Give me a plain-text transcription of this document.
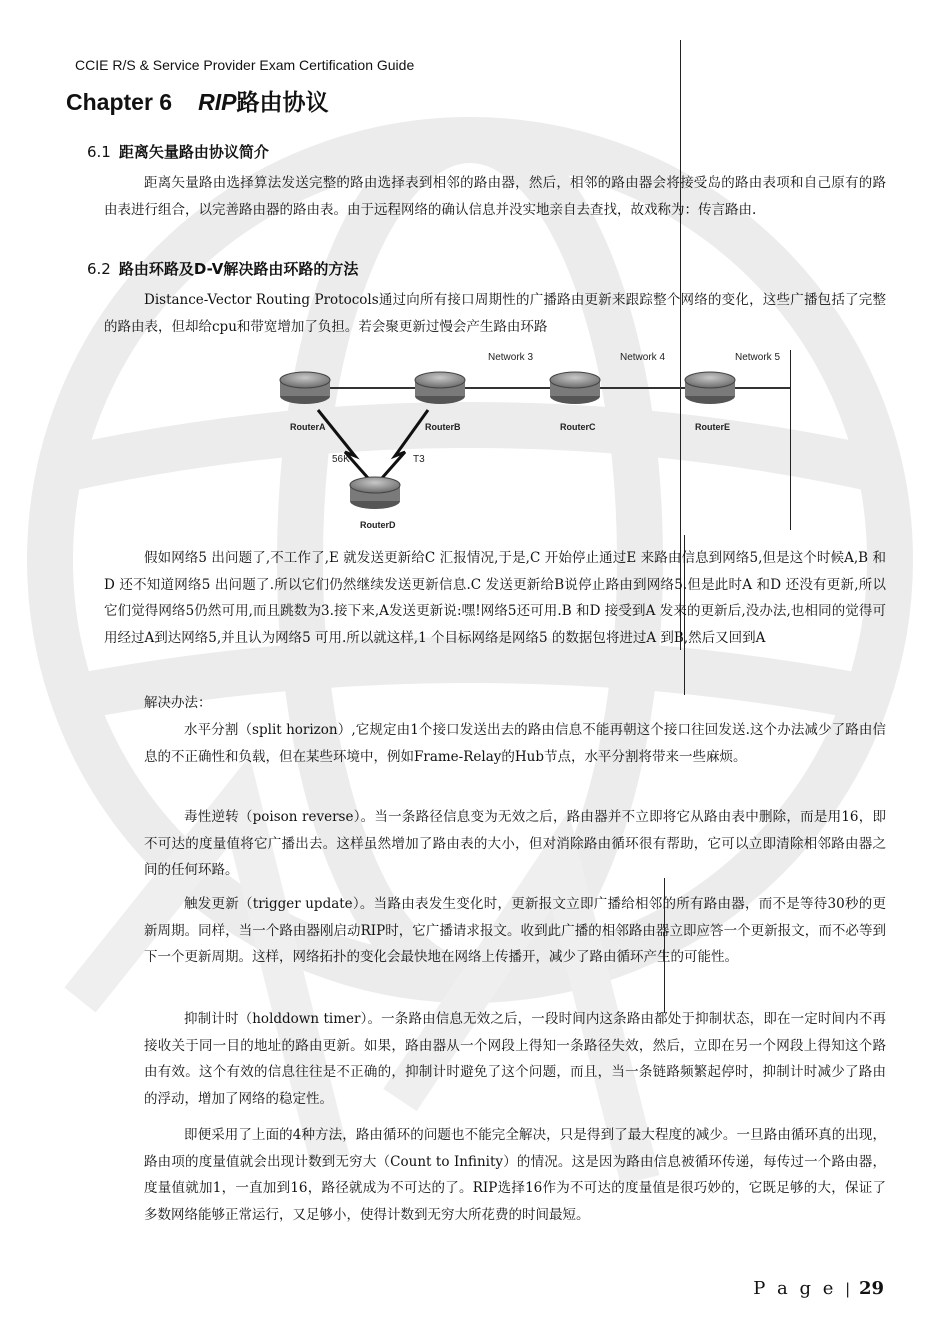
CCIE R/S & Service Provider Exam Certification Guide
Chapter 6 RIP路由协议
6.1 距离矢量路由协议简介
距离矢量路由选择算法发送完整的路由选择表到相邻的路由器，然后，相邻的路由器会将接受岛的路由表项和自己原有的路由表进行组合，以完善路由器的路由表。由于远程网络的确认信息并没实地亲自去查找，故戏称为：传言路由.
6.2 路由环路及D-V解决路由环路的方法
Distance-Vector Routing Protocols通过向所有接口周期性的广播路由更新来跟踪整个网络的变化，这些广播包括了完整的路由表，但却给cpu和带宽增加了负担。若会聚更新过慢会产生路由环路
Network 3	Network 4	Network 5
RouterA	RouterB	RouterC	RouterE
RouterD
56K	T3
假如网络5 出问题了,不工作了,E 就发送更新给C 汇报情况,于是,C 开始停止通过E 来路由信息到网络5,但是这个时候A,B 和D 还不知道网络5 出问题了.所以它们仍然继续发送更新信息.C 发送更新给B说停止路由到网络5.但是此时A 和D 还没有更新,所以它们觉得网络5仍然可用,而且跳数为3.接下来,A发送更新说:嘿!网络5还可用.B 和D 接受到A 发来的更新后,没办法,也相同的觉得可用经过A到达网络5,并且认为网络5 可用.所以就这样,1 个目标网络是网络5 的数据包将进过A 到B,然后又回到A
解决办法：
水平分割（split horizon）,它规定由1个接口发送出去的路由信息不能再朝这个接口往回发送.这个办法减少了路由信息的不正确性和负载，但在某些环境中，例如Frame-Relay的Hub节点，水平分割将带来一些麻烦。
毒性逆转（poison reverse）。当一条路径信息变为无效之后，路由器并不立即将它从路由表中删除，而是用16，即不可达的度量值将它广播出去。这样虽然增加了路由表的大小，但对消除路由循环很有帮助，它可以立即清除相邻路由器之间的任何环路。
触发更新（trigger update）。当路由表发生变化时，更新报文立即广播给相邻的所有路由器，而不是等待30秒的更新周期。同样，当一个路由器刚启动RIP时，它广播请求报文。收到此广播的相邻路由器立即应答一个更新报文，而不必等到下一个更新周期。这样，网络拓扑的变化会最快地在网络上传播开，减少了路由循环产生的可能性。
抑制计时（holddown timer）。一条路由信息无效之后，一段时间内这条路由都处于抑制状态，即在一定时间内不再接收关于同一目的地址的路由更新。如果，路由器从一个网段上得知一条路径失效，然后，立即在另一个网段上得知这个路由有效。这个有效的信息往往是不正确的，抑制计时避免了这个问题，而且，当一条链路频繁起停时，抑制计时减少了路由的浮动，增加了网络的稳定性。
即便采用了上面的4种方法，路由循环的问题也不能完全解决，只是得到了最大程度的减少。一旦路由循环真的出现，路由项的度量值就会出现计数到无穷大（Count to Infinity）的情况。这是因为路由信息被循环传递，每传过一个路由器，度量值就加1，一直加到16，路径就成为不可达的了。RIP选择16作为不可达的度量值是很巧妙的，它既足够的大，保证了多数网络能够正常运行，又足够小，使得计数到无穷大所花费的时间最短。
P a g e | 29
